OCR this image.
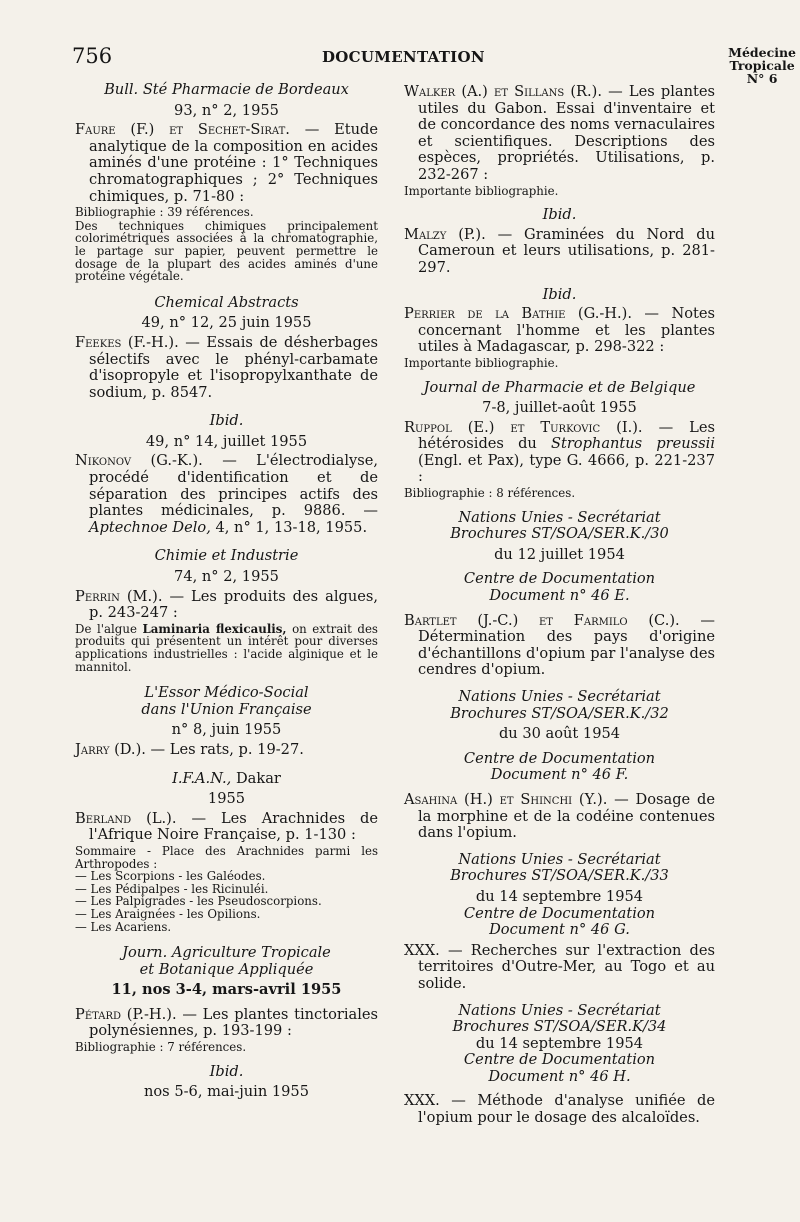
756	DOCUMENTATION	Médecine
Tropicale
N° 6
Bull. Sté Pharmacie de Bordeaux
93, n° 2, 1955
Faure (F.) et Sechet-Sirat. — Etude analytique de la composition en acides aminés d'une protéine : 1° Techniques chromatographiques ; 2° Techniques chimiques, p. 71-80 :
Bibliographie : 39 références.
Des techniques chimiques principalement colorimétriques associées à la chromatographie, le partage sur papier, peuvent permettre le dosage de la plupart des acides aminés d'une protéine végétale.
Chemical Abstracts
49, n° 12, 25 juin 1955
Feekes (F.-H.). — Essais de désherbages sélectifs avec le phényl-carbamate d'isopropyle et l'isopropylxanthate de sodium, p. 8547.
Ibid.
49, n° 14, juillet 1955
Nikonov (G.-K.). — L'électrodialyse, procédé d'identification et de séparation des principes actifs des plantes médicinales, p. 9886. — Aptechnoe Delo, 4, n° 1, 13-18, 1955.
Chimie et Industrie
74, n° 2, 1955
Perrin (M.). — Les produits des algues, p. 243-247 :
De l'algue Laminaria flexicaulis, on extrait des produits qui présentent un intérêt pour diverses applications industrielles : l'acide alginique et le mannitol.
L'Essor Médico-Social
dans l'Union Française
n° 8, juin 1955
Jarry (D.). — Les rats, p. 19-27.
I.F.A.N., Dakar
1955
Berland (L.). — Les Arachnides de l'Afrique Noire Française, p. 1-130 :
Sommaire - Place des Arachnides parmi les Arthropodes :
— Les Scorpions - les Galéodes.
— Les Pédipalpes - les Ricinuléi.
— Les Palpigrades - les Pseudoscorpions.
— Les Araignées - les Opilions.
— Les Acariens.
Journ. Agriculture Tropicale
et Botanique Appliquée
11, nos 3-4, mars-avril 1955
Pétard (P.-H.). — Les plantes tinctoriales polynésiennes, p. 193-199 :
Bibliographie : 7 références.
Ibid.
nos 5-6, mai-juin 1955
Walker (A.) et Sillans (R.). — Les plantes utiles du Gabon. Essai d'inventaire et de concordance des noms vernaculaires et scientifiques. Descriptions des espèces, propriétés. Utilisations, p. 232-267 :
Importante bibliographie.
Ibid.
Malzy (P.). — Graminées du Nord du Cameroun et leurs utilisations, p. 281-297.
Ibid.
Perrier de la Bathie (G.-H.). — Notes concernant l'homme et les plantes utiles à Madagascar, p. 298-322 :
Importante bibliographie.
Journal de Pharmacie et de Belgique
7-8, juillet-août 1955
Ruppol (E.) et Turkovic (I.). — Les hétérosides du Strophantus preussii (Engl. et Pax), type G. 4666, p. 221-237 :
Bibliographie : 8 références.
Nations Unies - Secrétariat
Brochures ST/SOA/SER.K./30
du 12 juillet 1954
Centre de Documentation
Document n° 46 E.
Bartlet (J.-C.) et Farmilo (C.). — Détermination des pays d'origine d'échantillons d'opium par l'analyse des cendres d'opium.
Nations Unies - Secrétariat
Brochures ST/SOA/SER.K./32
du 30 août 1954
Centre de Documentation
Document n° 46 F.
Asahina (H.) et Shinchi (Y.). — Dosage de la morphine et de la codéine contenues dans l'opium.
Nations Unies - Secrétariat
Brochures ST/SOA/SER.K./33
du 14 septembre 1954
Centre de Documentation
Document n° 46 G.
XXX. — Recherches sur l'extraction des territoires d'Outre-Mer, au Togo et au solide.
Nations Unies - Secrétariat
Brochures ST/SOA/SER.K/34
du 14 septembre 1954
Centre de Documentation
Document n° 46 H.
XXX. — Méthode d'analyse unifiée de l'opium pour le dosage des alcaloïdes.
